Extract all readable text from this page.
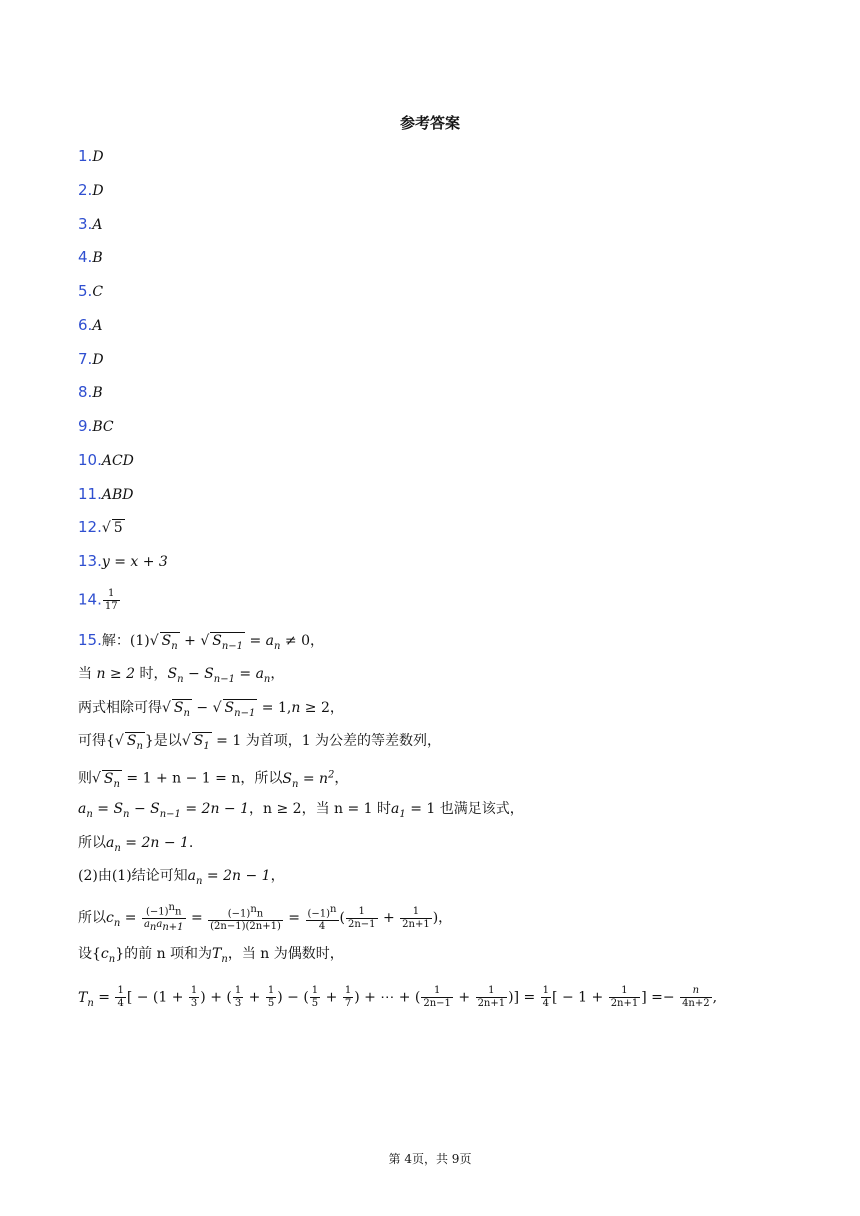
参考答案
1.D
2.D
3.A
4.B
5.C
6.A
7.D
8.B
9.BC
10.ACD
11.ABD
12.√ 5
13.y = x + 3
14. $\frac{1}{17}$
15.解：(1)√ $S_n$ + √ $S_{n-1} = a_n \ne 0$，
当 n ≥ 2 时，$S_n - S_{n-1} = a_n$，
两式相除可得√ $S_n$ − √ $S_{n-1} = 1,n \ge 2$，
可得{√ $S_n$ }是以√ $S_1 = 1$ 为首项，1 为公差的等差数列，
则√ $S_n = 1 + n - 1 = n$，所以$S_n = n^2$，
$a_n = S_n - S_{n-1} = 2n - 1$，n ≥ 2，当 n = 1 时$a_1 = 1$ 也满足该式，
所以$a_n = 2n - 1$.
(2)由(1)结论可知$a_n = 2n - 1$，
所以$c_n = \frac{(-1)^nn}{a_na_{n+1}} = \frac{(-1)^nn}{(2n-1)(2n+1)} = \frac{(-1)^n}{4}$ ( $\frac{1}{2n-1} + \frac{1}{2n+1}$ )，
设$\{c_n\}$的前 n 项和为$T_n$，当 n 为偶数时，
$T_n = \frac{1}{4}$ [ − ($1 + \frac{1}{3}$ ) + ( $\frac{1}{3} + \frac{1}{5}$ ) − ( $\frac{1}{5} + \frac{1}{7}$ ) + ⋯ + ( $\frac{1}{2n-1} + \frac{1}{2n+1}$ )] = $\frac{1}{4}$ [ − $1 + \frac{1}{2n+1}$ ] =− $\frac{n}{4n+2}$ ,
第 4页，共 9页
